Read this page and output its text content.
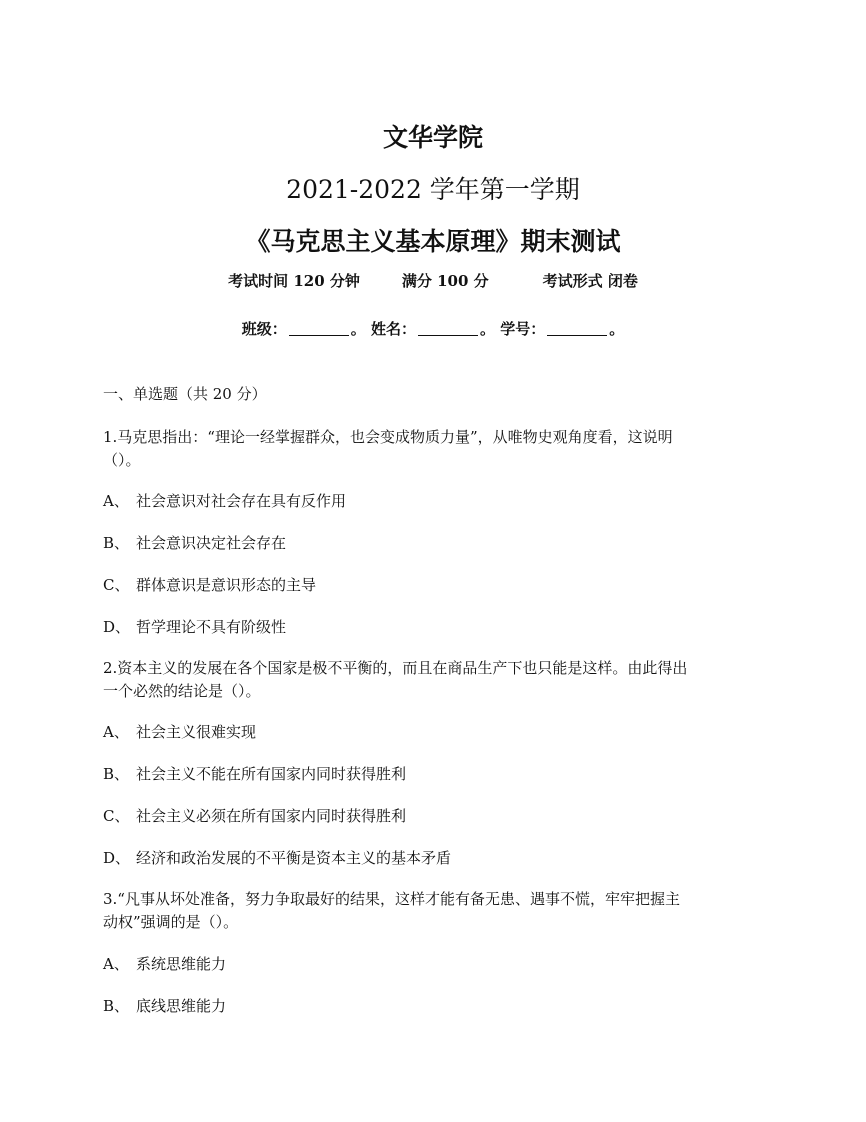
文华学院
2021-2022 学年第一学期
《马克思主义基本原理》期末测试
考试时间 120 分钟	满分 100 分	考试形式 闭卷
班级：	。 姓名：	。 学号：	。
一、单选题（共 20 分）
1.马克思指出：“理论一经掌握群众，也会变成物质力量”，从唯物史观角度看，这说明
（）。
A、 社会意识对社会存在具有反作用
B、 社会意识决定社会存在
C、 群体意识是意识形态的主导
D、 哲学理论不具有阶级性
2.资本主义的发展在各个国家是极不平衡的，而且在商品生产下也只能是这样。由此得出
一个必然的结论是（）。
A、 社会主义很难实现
B、 社会主义不能在所有国家内同时获得胜利
C、 社会主义必须在所有国家内同时获得胜利
D、 经济和政治发展的不平衡是资本主义的基本矛盾
3.“凡事从坏处准备，努力争取最好的结果，这样才能有备无患、遇事不慌，牢牢把握主
动权”强调的是（）。
A、 系统思维能力
B、 底线思维能力
